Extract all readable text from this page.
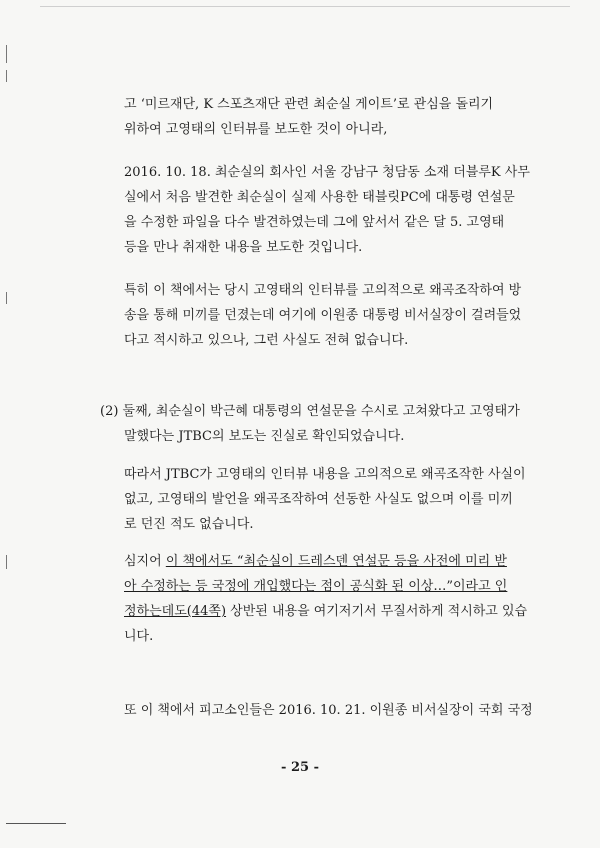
고 ‘미르재단, K 스포츠재단 관련 최순실 게이트’로 관심을 돌리기
위하여 고영태의 인터뷰를 보도한 것이 아니라,
2016. 10. 18. 최순실의 회사인 서울 강남구 청담동 소재 더블루K 사무
실에서 처음 발견한 최순실이 실제 사용한 태블릿PC에 대통령 연설문
을 수정한 파일을 다수 발견하였는데 그에 앞서서 같은 달 5. 고영태
등을 만나 취재한 내용을 보도한 것입니다.
특히 이 책에서는 당시 고영태의 인터뷰를 고의적으로 왜곡조작하여 방
송을 통해 미끼를 던졌는데 여기에 이원종 대통령 비서실장이 걸려들었
다고 적시하고 있으나, 그런 사실도 전혀 없습니다.
(2) 둘째, 최순실이 박근혜 대통령의 연설문을 수시로 고쳐왔다고 고영태가
말했다는 JTBC의 보도는 진실로 확인되었습니다.
따라서 JTBC가 고영태의 인터뷰 내용을 고의적으로 왜곡조작한 사실이
없고, 고영태의 발언을 왜곡조작하여 선동한 사실도 없으며 이를 미끼
로 던진 적도 없습니다.
심지어 이 책에서도 “최순실이 드레스덴 연설문 등을 사전에 미리 받
아 수정하는 등 국정에 개입했다는 점이 공식화 된 이상…”이라고 인
정하는데도(44쪽) 상반된 내용을 여기저기서 무질서하게 적시하고 있습
니다.
또 이 책에서 피고소인들은 2016. 10. 21. 이원종 비서실장이 국회 국정
- 25 -
